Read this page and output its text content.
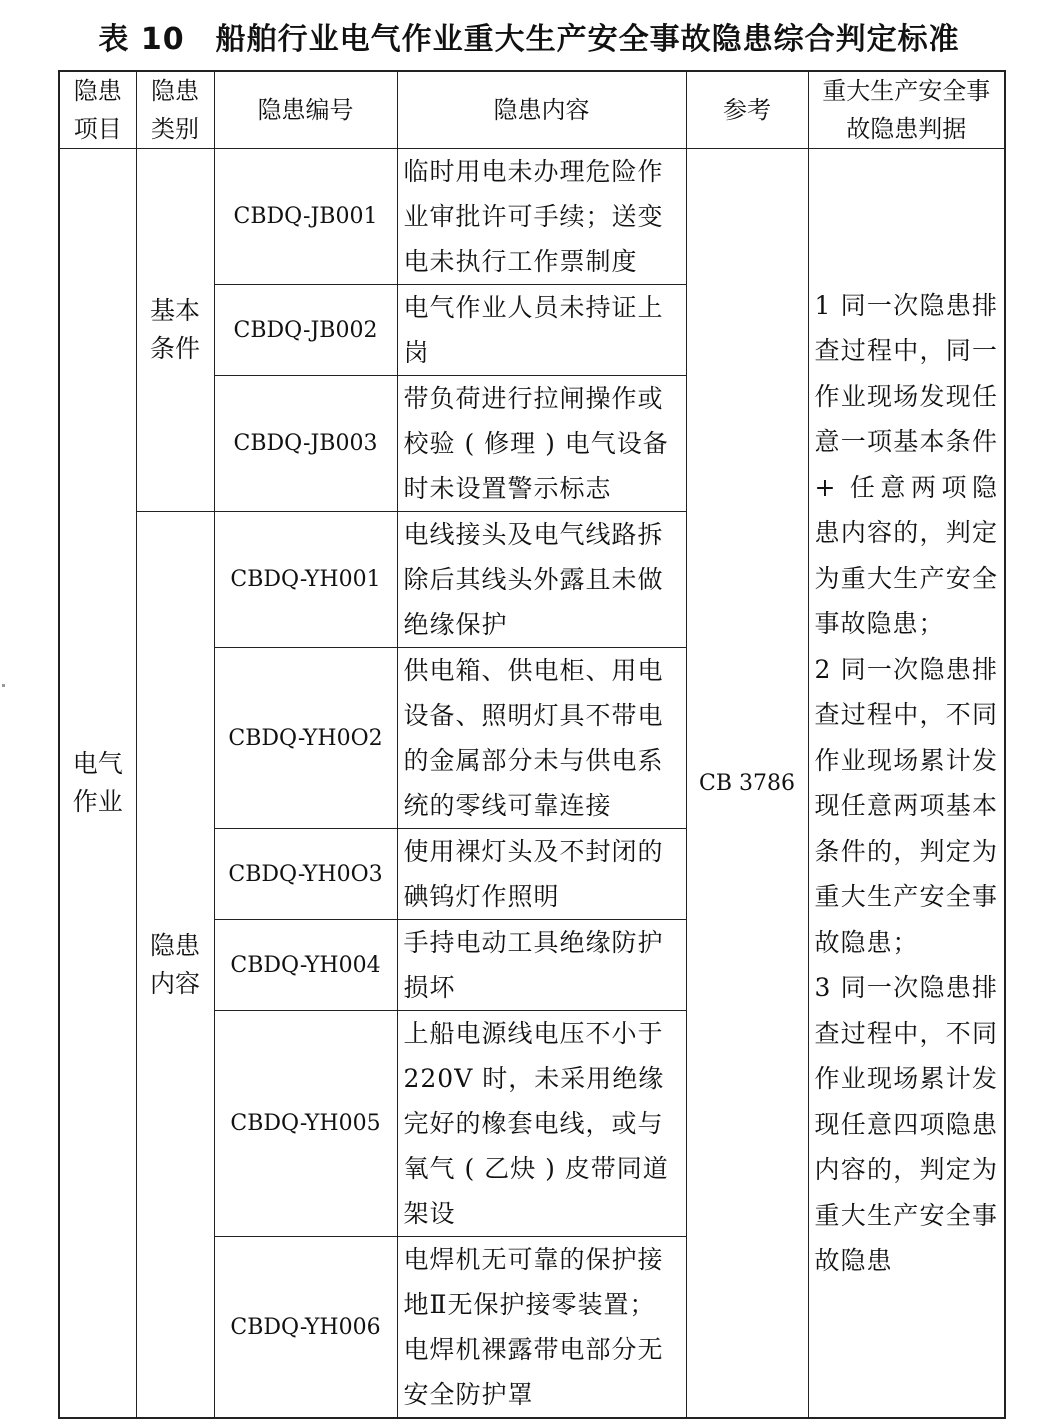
表 10　船舶行业电气作业重大生产安全事故隐患综合判定标准
隐患项目	隐患类别	隐患编号	隐患内容	参考	重大生产安全事故隐患判据
电气作业	基本条件	CBDQ-JB001	临时用电未办理危险作业审批许可手续；送变电未执行工作票制度	CB 3786	1 同一次隐患排查过程中，同一作业现场发现任意一项基本条件 + 任意两项隐患内容的，判定为重大生产安全事故隐患；
2 同一次隐患排查过程中，不同作业现场累计发现任意两项基本条件的，判定为重大生产安全事故隐患；
3 同一次隐患排查过程中，不同作业现场累计发现任意四项隐患内容的，判定为重大生产安全事故隐患

		CBDQ-JB002	电气作业人员未持证上岗		
		CBDQ-JB003	带负荷进行拉闸操作或校验 ( 修理 ) 电气设备时未设置警示标志		
	隐患内容	CBDQ-YH001	电线接头及电气线路拆除后其线头外露且未做绝缘保护		
		CBDQ-YH0O2	供电箱、供电柜、用电设备、照明灯具不带电的金属部分未与供电系统的零线可靠连接		
		CBDQ-YH0O3	使用裸灯头及不封闭的碘钨灯作照明		
		CBDQ-YH004	手持电动工具绝缘防护损坏		
		CBDQ-YH005	上船电源线电压不小于220V 时，未采用绝缘完好的橡套电线，或与氧气 ( 乙炔 ) 皮带同道架设		
		CBDQ-YH006	电焊机无可靠的保护接地Ⅱ无保护接零装置；电焊机裸露带电部分无安全防护罩		
